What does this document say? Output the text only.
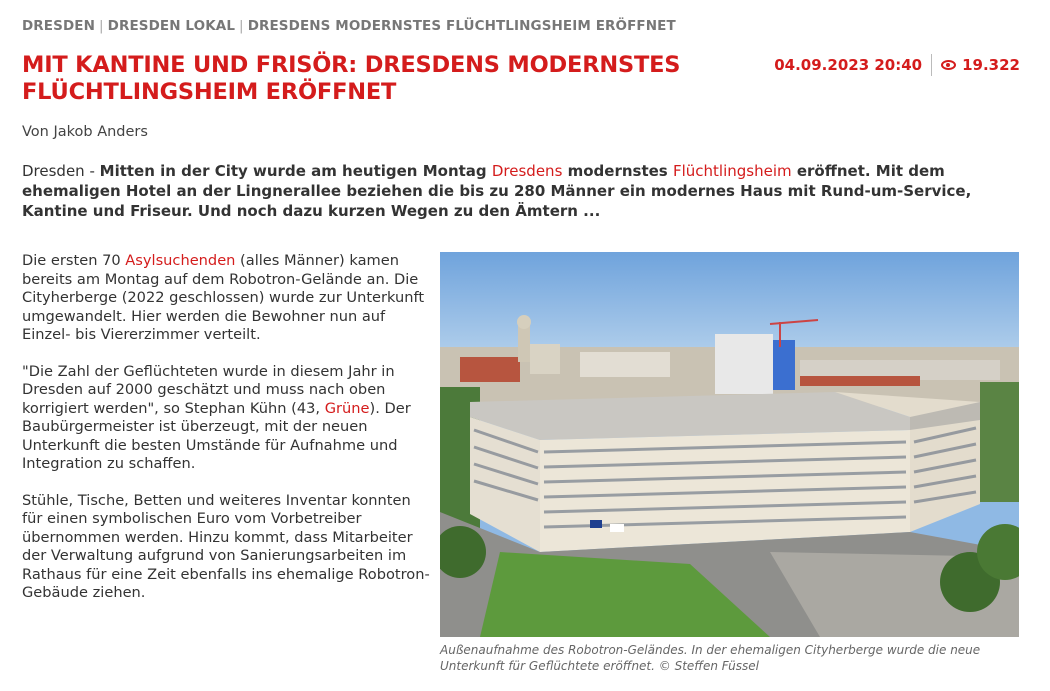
DRESDEN | DRESDEN LOKAL | DRESDENS MODERNSTES FLÜCHTLINGSHEIM ERÖFFNET
MIT KANTINE UND FRISÖR: DRESDENS MODERNSTES FLÜCHTLINGSHEIM ERÖFFNET
04.09.2023 20:40	19.322
Von Jakob Anders

Dresden - Mitten in der City wurde am heutigen Montag Dresdens modernstes Flüchtlingsheim eröffnet. Mit dem ehemaligen Hotel an der Lingnerallee beziehen die bis zu 280 Männer ein modernes Haus mit Rund-um-Service, Kantine und Friseur. Und noch dazu kurzen Wegen zu den Ämtern ...

Die ersten 70 Asylsuchenden (alles Männer) kamen bereits am Montag auf dem Robotron-Gelände an. Die Cityherberge (2022 geschlossen) wurde zur Unterkunft umgewandelt. Hier werden die Bewohner nun auf Einzel- bis Viererzimmer verteilt.

"Die Zahl der Geflüchteten wurde in diesem Jahr in Dresden auf 2000 geschätzt und muss nach oben korrigiert werden", so Stephan Kühn (43, Grüne). Der Baubürgermeister ist überzeugt, mit der neuen Unterkunft die besten Umstände für Aufnahme und Integration zu schaffen.

Stühle, Tische, Betten und weiteres Inventar konnten für einen symbolischen Euro vom Vorbetreiber übernommen werden. Hinzu kommt, dass Mitarbeiter der Verwaltung aufgrund von Sanierungsarbeiten im Rathaus für eine Zeit ebenfalls ins ehemalige Robotron-Gebäude ziehen.

Außenaufnahme des Robotron-Geländes. In der ehemaligen Cityherberge wurde die neue Unterkunft für Geflüchtete eröffnet. © Steffen Füssel
